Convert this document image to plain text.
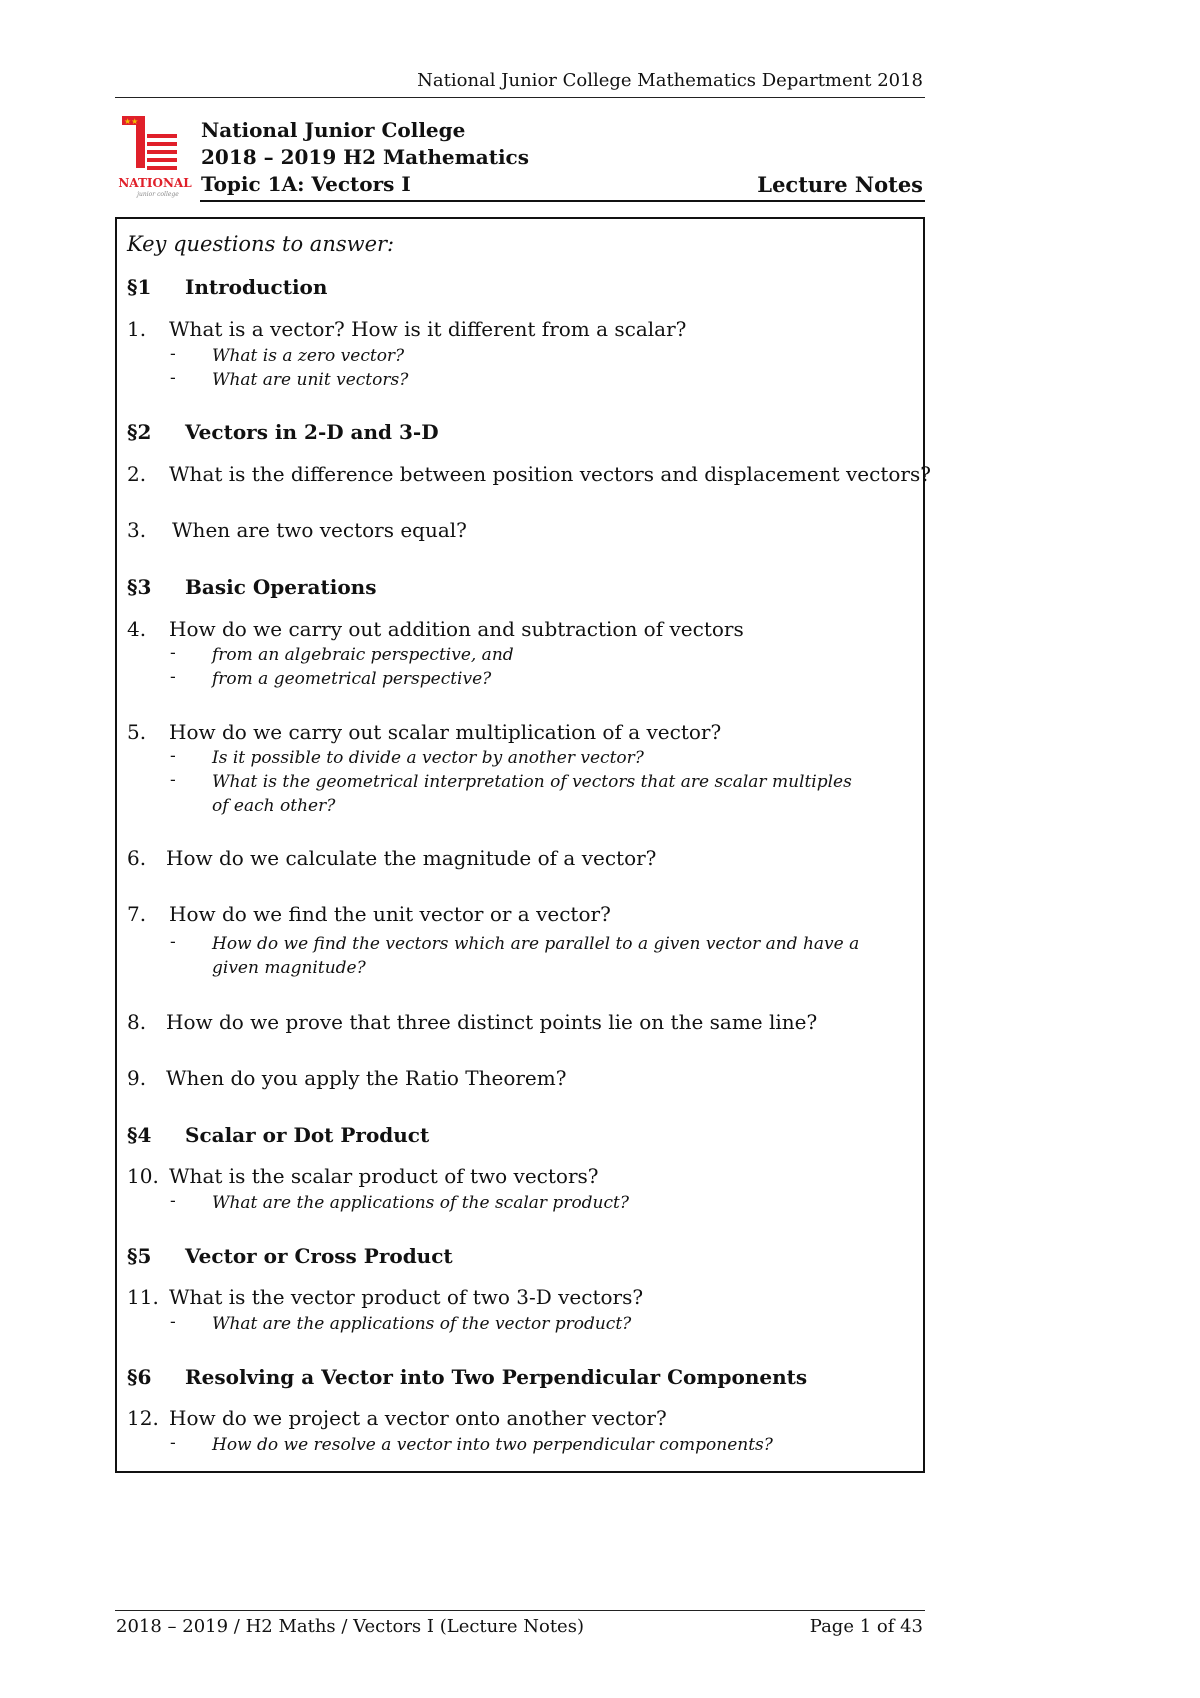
National Junior College Mathematics Department 2018
★★
NATIONAL
junior college
National Junior College
2018 – 2019 H2 Mathematics
Topic 1A: Vectors I	Lecture Notes
Key questions to answer:
§1 Introduction
1. What is a vector? How is it different from a scalar?
- What is a zero vector?
- What are unit vectors?
§2 Vectors in 2-D and 3-D
2. What is the difference between position vectors and displacement vectors?
3. When are two vectors equal?
§3 Basic Operations
4. How do we carry out addition and subtraction of vectors
- from an algebraic perspective, and
- from a geometrical perspective?
5. How do we carry out scalar multiplication of a vector?
- Is it possible to divide a vector by another vector?
- What is the geometrical interpretation of vectors that are scalar multiples of each other?
6. How do we calculate the magnitude of a vector?
7. How do we find the unit vector or a vector?
- How do we find the vectors which are parallel to a given vector and have a given magnitude?
8. How do we prove that three distinct points lie on the same line?
9. When do you apply the Ratio Theorem?
§4 Scalar or Dot Product
10. What is the scalar product of two vectors?
- What are the applications of the scalar product?
§5 Vector or Cross Product
11. What is the vector product of two 3-D vectors?
- What are the applications of the vector product?
§6 Resolving a Vector into Two Perpendicular Components
12. How do we project a vector onto another vector?
- How do we resolve a vector into two perpendicular components?
2018 – 2019 / H2 Maths / Vectors I (Lecture Notes)	Page 1 of 43
